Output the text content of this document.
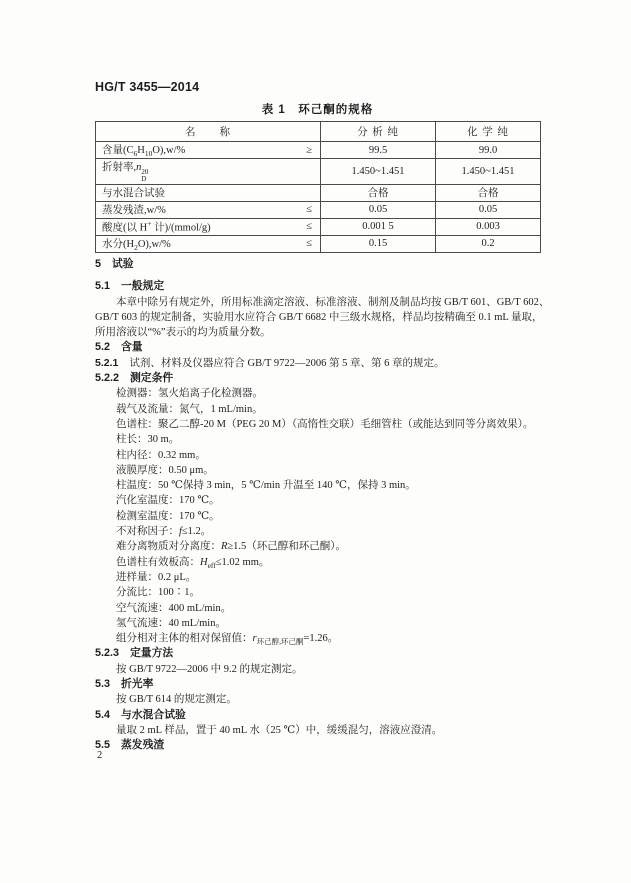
HG/T 3455—2014
表 1　环己酮的规格
名　　称	分 析 纯	化 学 纯

含量$(C_6H_{10}O),w/\%$ ≥	99.5	99.0

折射率,n 20
D	1.450~1.451	1.450~1.451

与水混合试验	合格	合格

蒸发残渣,w/% ≤	0.05	0.05

酸度(以 H+ 计)/(mmol/g) ≤	0.001 5	0.003

水分$(H_2O),w/\%$ ≤	0.15	0.2
5 试验
5.1 一般规定
本章中除另有规定外，所用标准滴定溶液、标准溶液、制剂及制品均按 GB/T 601、GB/T 602、
GB/T 603 的规定制备，实验用水应符合 GB/T 6682 中三级水规格，样品均按精确至 0.1 mL 量取，
所用溶液以“%”表示的均为质量分数。
5.2 含量
5.2.1 试剂、材料及仪器应符合 GB/T 9722—2006 第 5 章、第 6 章的规定。
5.2.2 测定条件
检测器：氢火焰离子化检测器。
载气及流量：氮气，1 mL/min。
色谱柱：聚乙二醇-20 M（PEG 20 M）（高惰性交联）毛细管柱（或能达到同等分离效果）。
柱长：30 m。
柱内径：0.32 mm。
液膜厚度：0.50 μm。
柱温度：50 ℃保持 3 min，5 ℃/min 升温至 140 ℃，保持 3 min。
汽化室温度：170 ℃。
检测室温度：170 ℃。
不对称因子：f≤1.2。
难分离物质对分离度：R≥1.5（环己醇和环己酮）。
色谱柱有效板高：$H_{eff}\le 1.02$ mm。
进样量：0.2 μL。
分流比：100∶1。
空气流速：400 mL/min。
氢气流速：40 mL/min。
组分相对主体的相对保留值：$r_{环己醇,环己酮}=1.26$。
5.2.3 定量方法
按 GB/T 9722—2006 中 9.2 的规定测定。
5.3 折光率
按 GB/T 614 的规定测定。
5.4 与水混合试验
量取 2 mL 样品，置于 40 mL 水（25 ℃）中，缓缓混匀，溶液应澄清。
5.5 蒸发残渣
2
